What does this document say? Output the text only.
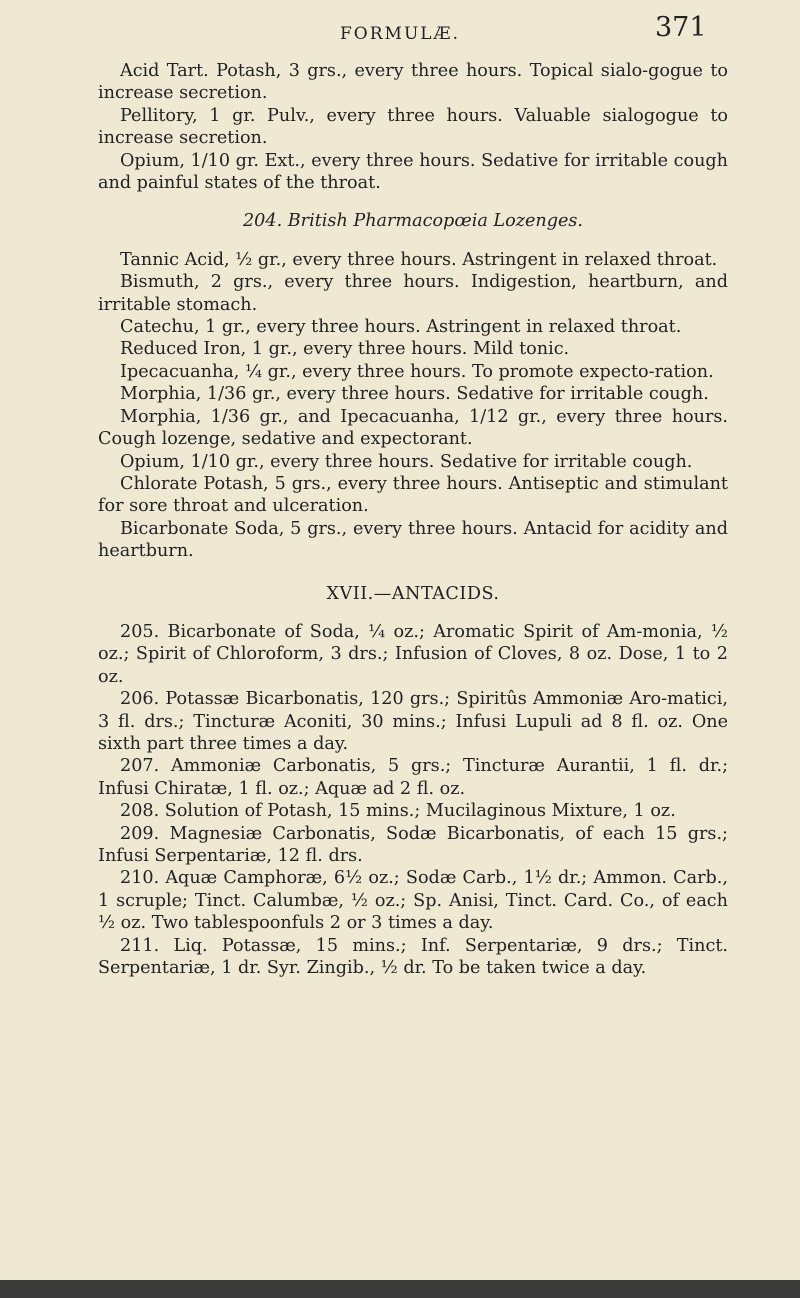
FORMULÆ.	371

Acid Tart. Potash, 3 grs., every three hours. Topical sialo-gogue to increase secretion.

Pellitory, 1 gr. Pulv., every three hours. Valuable sialogogue to increase secretion.

Opium, 1/10 gr. Ext., every three hours. Sedative for irritable cough and painful states of the throat.

204. British Pharmacopœia Lozenges.

Tannic Acid, ½ gr., every three hours. Astringent in relaxed throat.

Bismuth, 2 grs., every three hours. Indigestion, heartburn, and irritable stomach.

Catechu, 1 gr., every three hours. Astringent in relaxed throat.

Reduced Iron, 1 gr., every three hours. Mild tonic.

Ipecacuanha, ¼ gr., every three hours. To promote expecto-ration.

Morphia, 1/36 gr., every three hours. Sedative for irritable cough.

Morphia, 1/36 gr., and Ipecacuanha, 1/12 gr., every three hours. Cough lozenge, sedative and expectorant.

Opium, 1/10 gr., every three hours. Sedative for irritable cough.

Chlorate Potash, 5 grs., every three hours. Antiseptic and stimulant for sore throat and ulceration.

Bicarbonate Soda, 5 grs., every three hours. Antacid for acidity and heartburn.

XVII.—ANTACIDS.

205. Bicarbonate of Soda, ¼ oz.; Aromatic Spirit of Am-monia, ½ oz.; Spirit of Chloroform, 3 drs.; Infusion of Cloves, 8 oz. Dose, 1 to 2 oz.

206. Potassæ Bicarbonatis, 120 grs.; Spiritûs Ammoniæ Aro-matici, 3 fl. drs.; Tincturæ Aconiti, 30 mins.; Infusi Lupuli ad 8 fl. oz. One sixth part three times a day.

207. Ammoniæ Carbonatis, 5 grs.; Tincturæ Aurantii, 1 fl. dr.; Infusi Chiratæ, 1 fl. oz.; Aquæ ad 2 fl. oz.

208. Solution of Potash, 15 mins.; Mucilaginous Mixture, 1 oz.

209. Magnesiæ Carbonatis, Sodæ Bicarbonatis, of each 15 grs.; Infusi Serpentariæ, 12 fl. drs.

210. Aquæ Camphoræ, 6½ oz.; Sodæ Carb., 1½ dr.; Ammon. Carb., 1 scruple; Tinct. Calumbæ, ½ oz.; Sp. Anisi, Tinct. Card. Co., of each ½ oz. Two tablespoonfuls 2 or 3 times a day.

211. Liq. Potassæ, 15 mins.; Inf. Serpentariæ, 9 drs.; Tinct. Serpentariæ, 1 dr. Syr. Zingib., ½ dr. To be taken twice a day.
